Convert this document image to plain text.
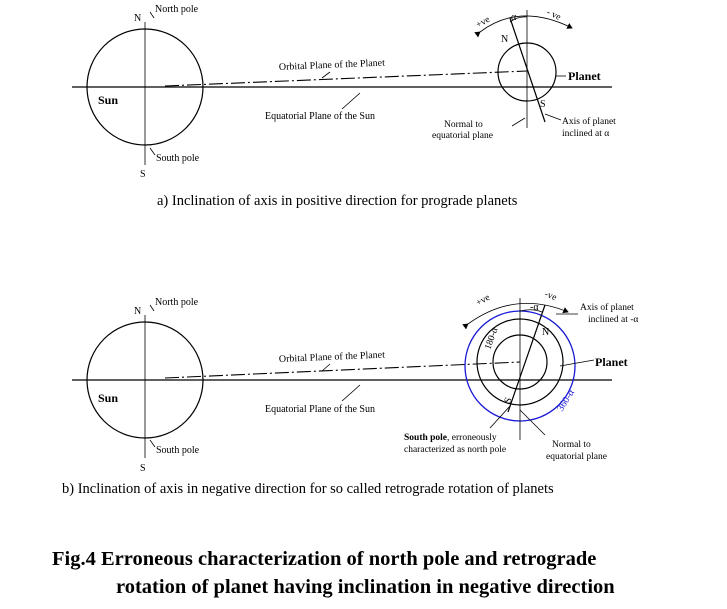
N
North pole
Sun
South pole
S
Orbital Plane of the Planet
Equatorial Plane of the Sun
+ve	- ve
α
N
S
Planet
Normal to
equatorial plane
Axis of planet
inclined at α
N
North pole
Sun
South pole
S
Orbital Plane of the Planet
Equatorial Plane of the Sun
+ve	-ve
-α
180-α
360-α
N
S
Planet
Axis of planet
inclined at -α
South pole, erroneously
characterized as north pole	Normal to
equatorial plane
a) Inclination of axis in positive direction for prograde planets
b) Inclination of axis in negative direction for so called retrograde rotation of planets
Fig.4 Erroneous characterization of north pole and retrograde
rotation of planet having inclination in negative direction
